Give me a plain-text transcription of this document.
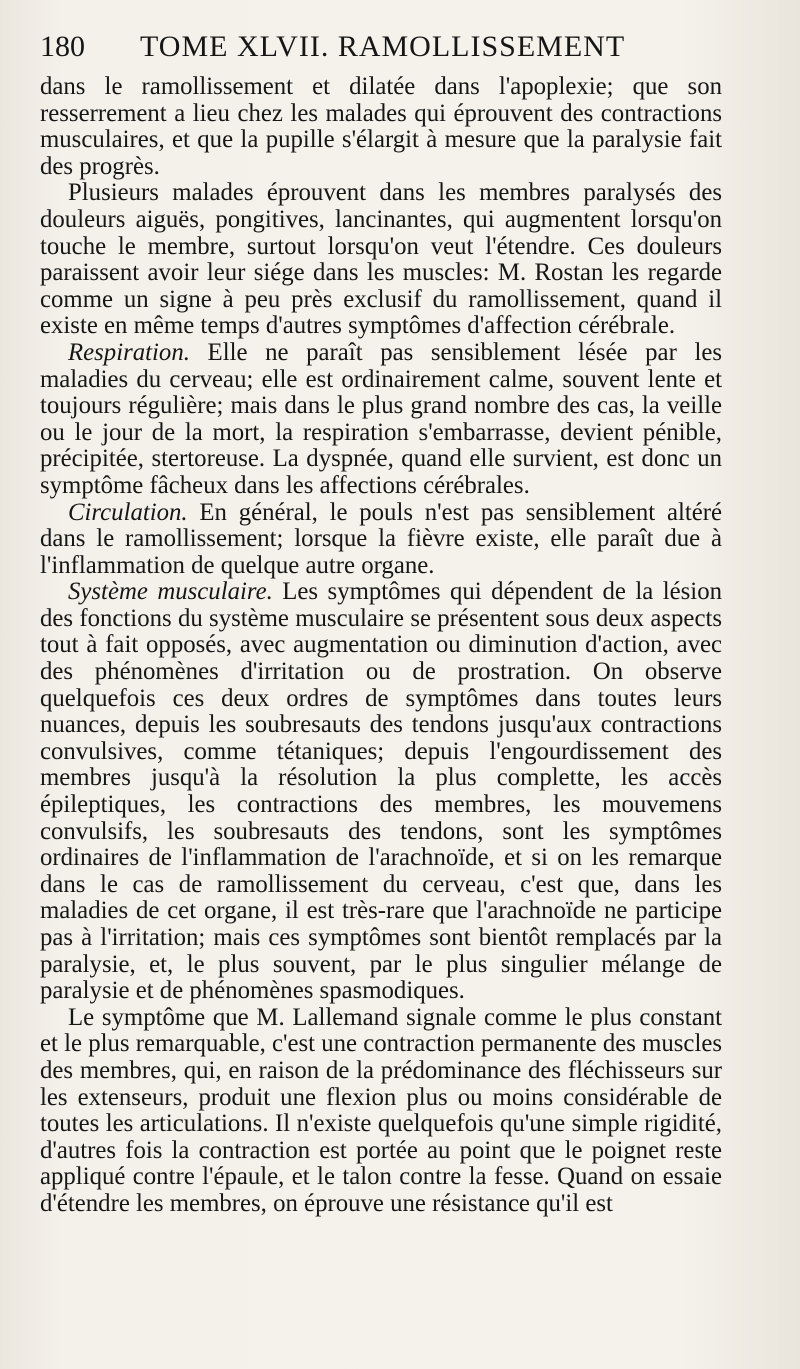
180	TOME XLVII. RAMOLLISSEMENT

dans le ramollissement et dilatée dans l'apoplexie; que son resserrement a lieu chez les malades qui éprouvent des contractions musculaires, et que la pupille s'élargit à mesure que la paralysie fait des progrès.

Plusieurs malades éprouvent dans les membres paralysés des douleurs aiguës, pongitives, lancinantes, qui augmentent lorsqu'on touche le membre, surtout lorsqu'on veut l'étendre. Ces douleurs paraissent avoir leur siége dans les muscles: M. Rostan les regarde comme un signe à peu près exclusif du ramollissement, quand il existe en même temps d'autres symptômes d'affection cérébrale.

Respiration. Elle ne paraît pas sensiblement lésée par les maladies du cerveau; elle est ordinairement calme, souvent lente et toujours régulière; mais dans le plus grand nombre des cas, la veille ou le jour de la mort, la respiration s'embarrasse, devient pénible, précipitée, stertoreuse. La dyspnée, quand elle survient, est donc un symptôme fâcheux dans les affections cérébrales.

Circulation. En général, le pouls n'est pas sensiblement altéré dans le ramollissement; lorsque la fièvre existe, elle paraît due à l'inflammation de quelque autre organe.

Système musculaire. Les symptômes qui dépendent de la lésion des fonctions du système musculaire se présentent sous deux aspects tout à fait opposés, avec augmentation ou diminution d'action, avec des phénomènes d'irritation ou de prostration. On observe quelquefois ces deux ordres de symptômes dans toutes leurs nuances, depuis les soubresauts des tendons jusqu'aux contractions convulsives, comme tétaniques; depuis l'engourdissement des membres jusqu'à la résolution la plus complette, les accès épileptiques, les contractions des membres, les mouvemens convulsifs, les soubresauts des tendons, sont les symptômes ordinaires de l'inflammation de l'arachnoïde, et si on les remarque dans le cas de ramollissement du cerveau, c'est que, dans les maladies de cet organe, il est très-rare que l'arachnoïde ne participe pas à l'irritation; mais ces symptômes sont bientôt remplacés par la paralysie, et, le plus souvent, par le plus singulier mélange de paralysie et de phénomènes spasmodiques.

Le symptôme que M. Lallemand signale comme le plus constant et le plus remarquable, c'est une contraction permanente des muscles des membres, qui, en raison de la prédominance des fléchisseurs sur les extenseurs, produit une flexion plus ou moins considérable de toutes les articulations. Il n'existe quelquefois qu'une simple rigidité, d'autres fois la contraction est portée au point que le poignet reste appliqué contre l'épaule, et le talon contre la fesse. Quand on essaie d'étendre les membres, on éprouve une résistance qu'il est
